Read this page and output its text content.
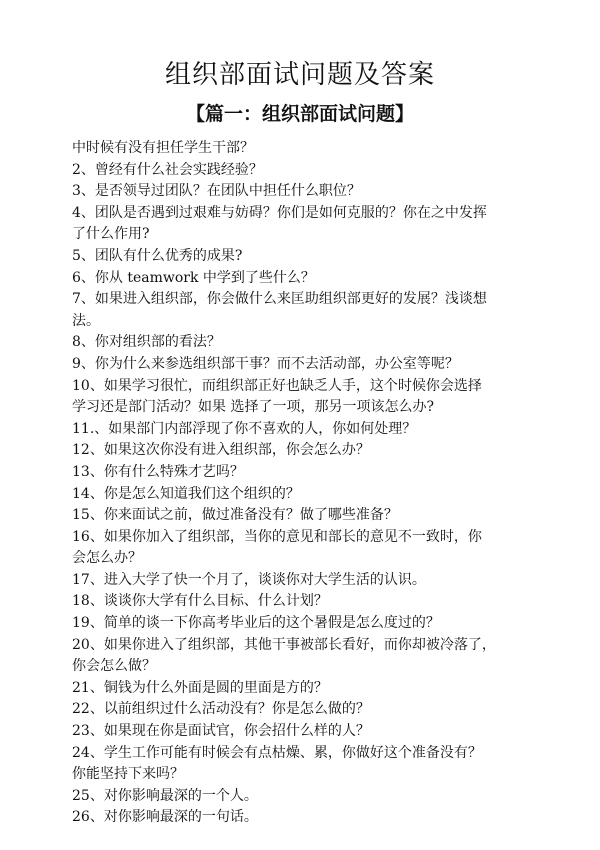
组织部面试问题及答案
【篇一：组织部面试问题】
中时候有没有担任学生干部？
2、曾经有什么社会实践经验？
3、是否领导过团队？在团队中担任什么职位？
4、团队是否遇到过艰难与妨碍？你们是如何克服的？你在之中发挥
了什么作用?
5、团队有什么优秀的成果?
6、你从 teamwork 中学到了些什么？
7、如果进入组织部，你会做什么来匡助组织部更好的发展？浅谈想
法。
8、你对组织部的看法？
9、你为什么来参选组织部干事？而不去活动部，办公室等呢？
10、如果学习很忙，而组织部正好也缺乏人手，这个时候你会选择
学习还是部门活动？如果 选择了一项，那另一项该怎么办?
11.、如果部门内部浮现了你不喜欢的人，你如何处理？
12、如果这次你没有进入组织部，你会怎么办？
13、你有什么特殊才艺吗？
14、你是怎么知道我们这个组织的？
15、你来面试之前，做过准备没有？做了哪些准备？
16、如果你加入了组织部，当你的意见和部长的意见不一致时，你
会怎么办？
17、进入大学了快一个月了，谈谈你对大学生活的认识。
18、谈谈你大学有什么目标、什么计划？
19、简单的谈一下你高考毕业后的这个暑假是怎么度过的？
20、如果你进入了组织部，其他干事被部长看好，而你却被冷落了，
你会怎么做？
21、铜钱为什么外面是圆的里面是方的？
22、以前组织过什么活动没有？你是怎么做的？
23、如果现在你是面试官，你会招什么样的人？
24、学生工作可能有时候会有点枯燥、累，你做好这个准备没有？
你能坚持下来吗？
25、对你影响最深的一个人。
26、对你影响最深的一句话。
